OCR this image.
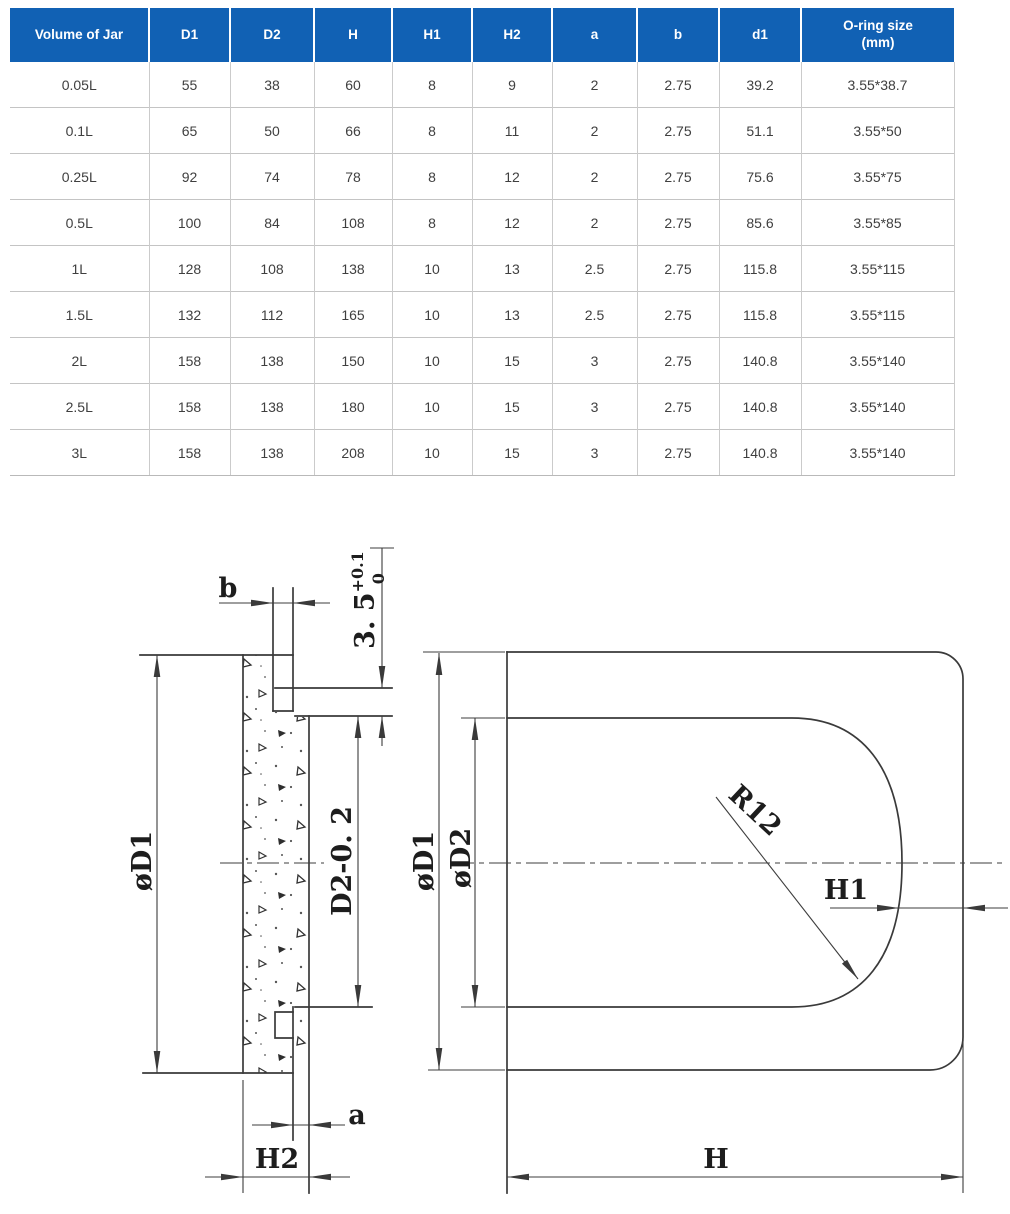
Volume of Jar	D1	D2	H	H1	H2	a	b	d1	O-ring size
(mm)
0.05L	55	38	60	8	9	2	2.75	39.2	3.55*38.7
0.1L	65	50	66	8	11	2	2.75	51.1	3.55*50
0.25L	92	74	78	8	12	2	2.75	75.6	3.55*75
0.5L	100	84	108	8	12	2	2.75	85.6	3.55*85
1L	128	108	138	10	13	2.5	2.75	115.8	3.55*115
1.5L	132	112	165	10	13	2.5	2.75	115.8	3.55*115
2L	158	138	150	10	15	3	2.75	140.8	3.55*140
2.5L	158	138	180	10	15	3	2.75	140.8	3.55*140
3L	158	138	208	10	15	3	2.75	140.8	3.55*140
b
3. 5+0.1 0
øD1	D2-0. 2
a
H2
øD1 øD2
R12
H1
H
